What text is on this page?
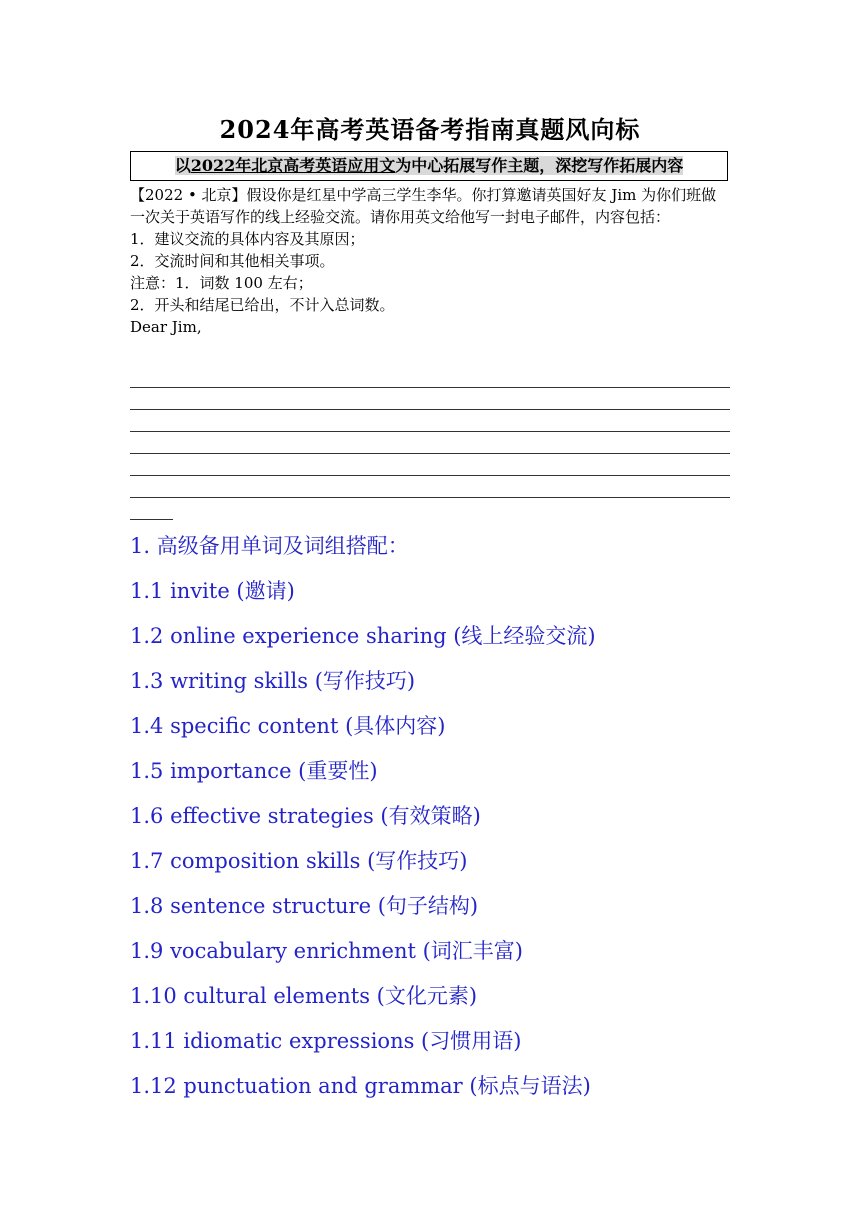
2024年高考英语备考指南真题风向标
以2022年北京高考英语应用文为中心拓展写作主题，深挖写作拓展内容

【2022 • 北京】假设你是红星中学高三学生李华。你打算邀请英国好友 Jim 为你们班做一次关于英语写作的线上经验交流。请你用英文给他写一封电子邮件，内容包括：

1．建议交流的具体内容及其原因；

2．交流时间和其他相关事项。

注意：1．词数 100 左右；

2．开头和结尾已给出，不计入总词数。

Dear Jim,

1. 高级备用单词及词组搭配：
1.1 invite (邀请)
1.2 online experience sharing (线上经验交流)
1.3 writing skills (写作技巧)
1.4 specific content (具体内容)
1.5 importance (重要性)
1.6 effective strategies (有效策略)
1.7 composition skills (写作技巧)
1.8 sentence structure (句子结构)
1.9 vocabulary enrichment (词汇丰富)
1.10 cultural elements (文化元素)
1.11 idiomatic expressions (习惯用语)
1.12 punctuation and grammar (标点与语法)
